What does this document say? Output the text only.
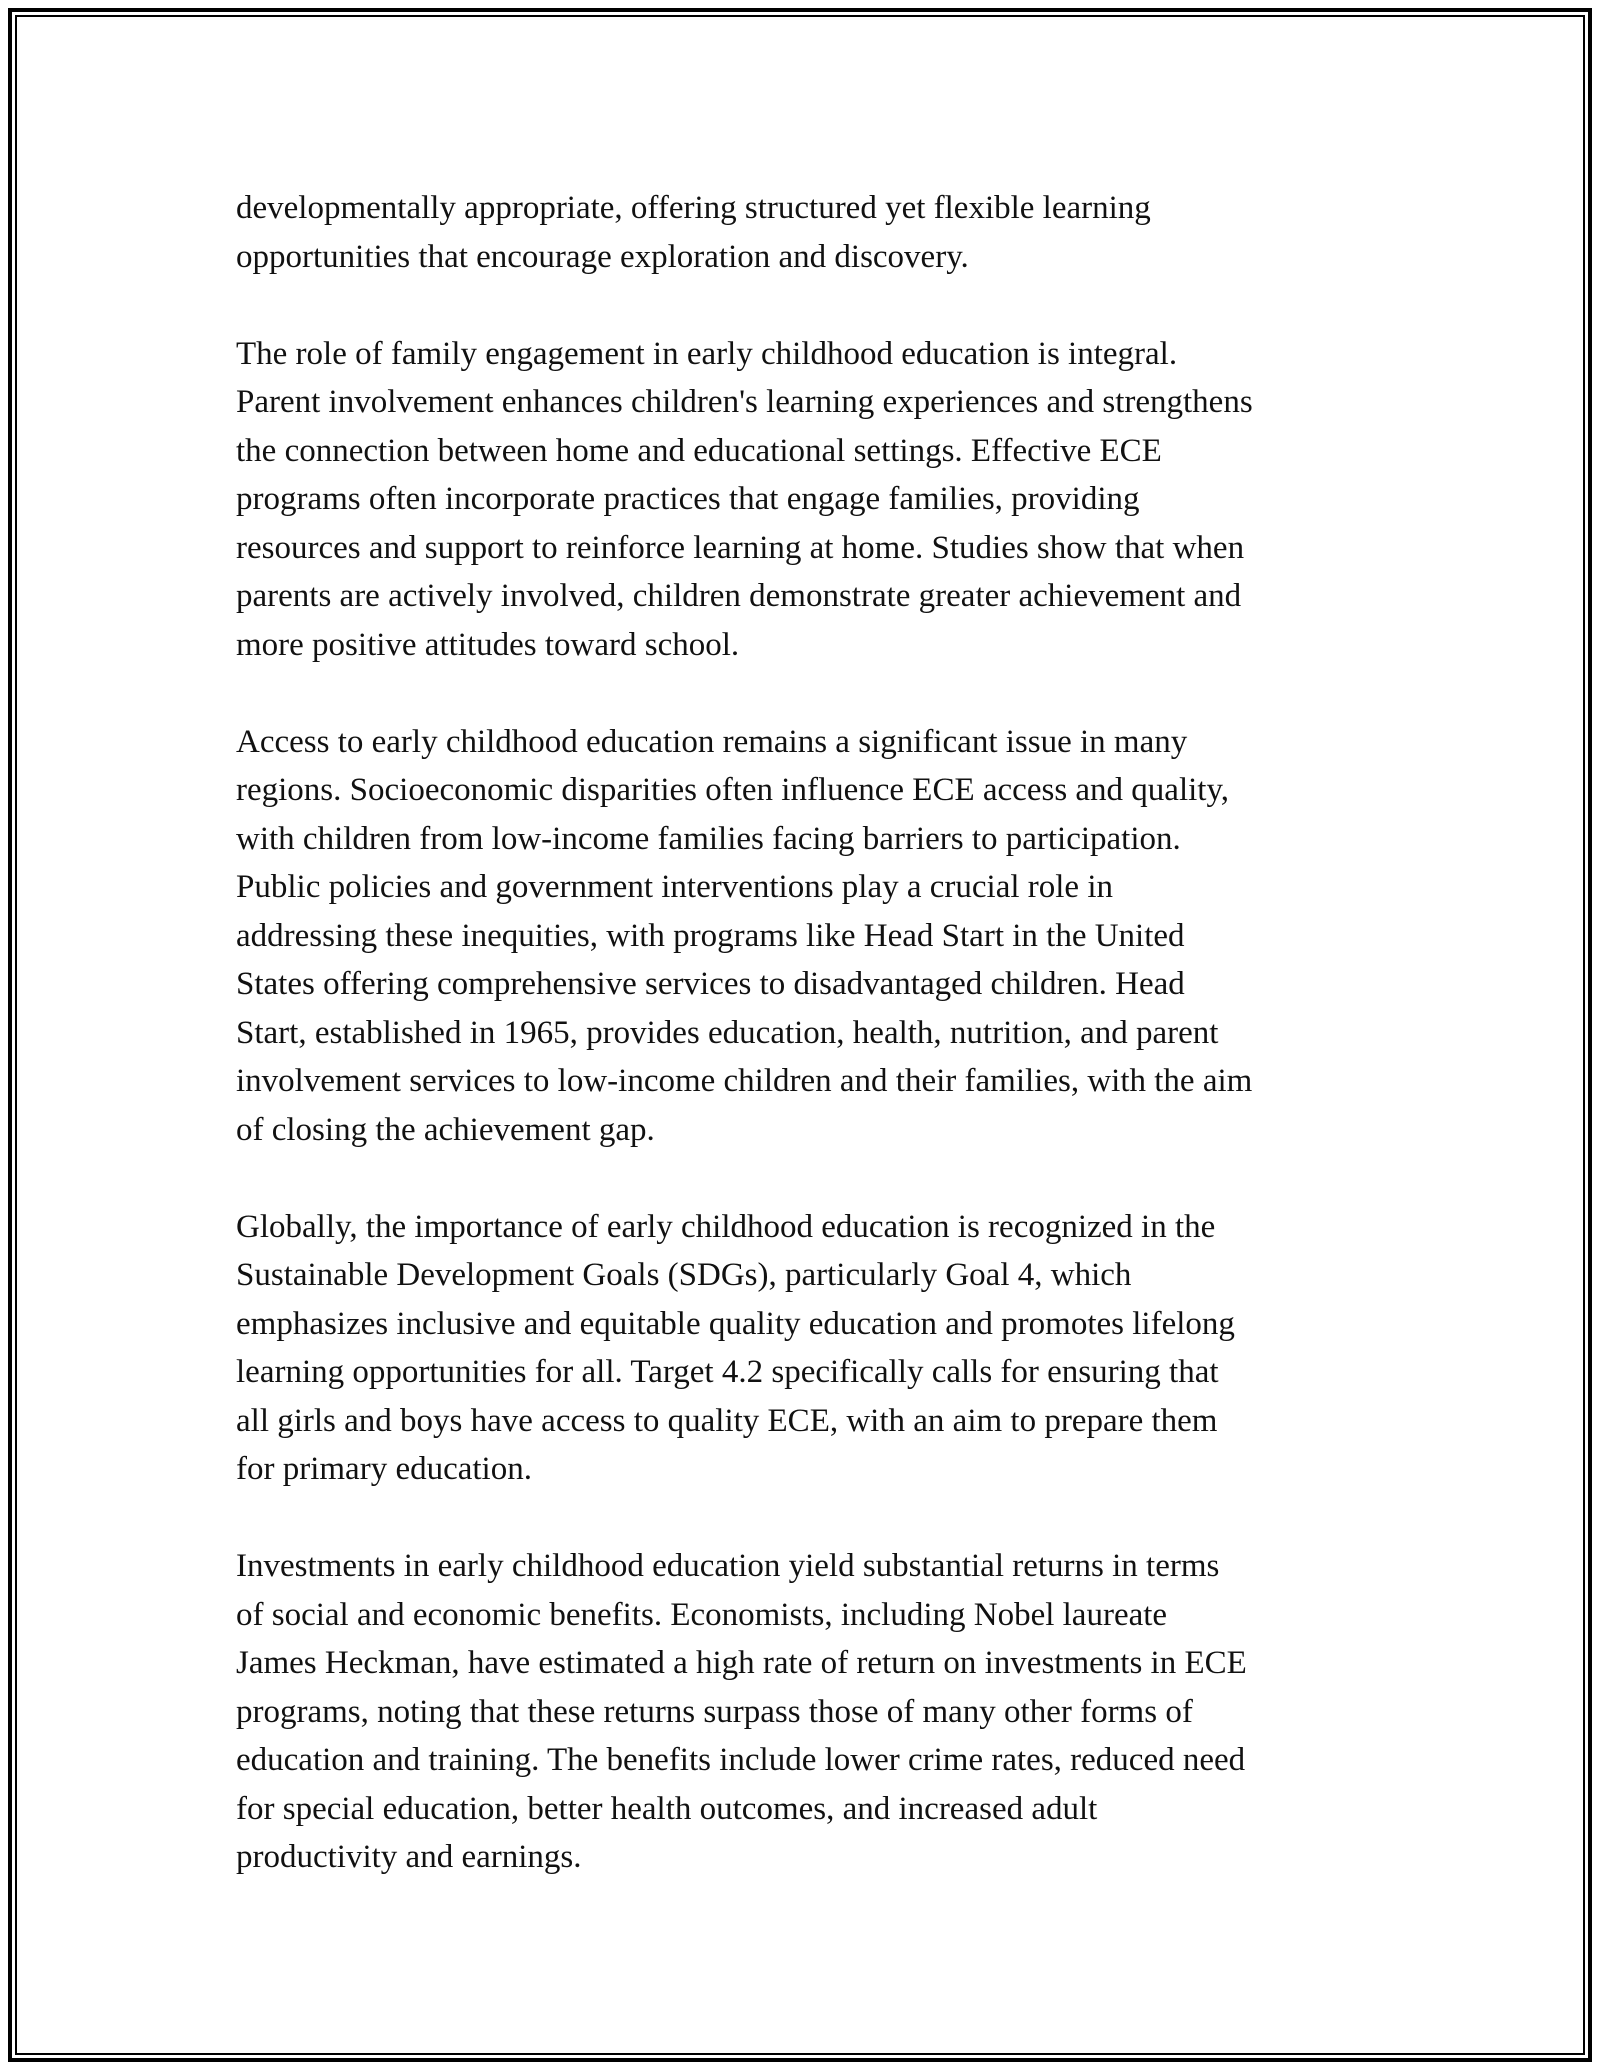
developmentally appropriate, offering structured yet flexible learning
opportunities that encourage exploration and discovery.

The role of family engagement in early childhood education is integral.
Parent involvement enhances children's learning experiences and strengthens
the connection between home and educational settings. Effective ECE
programs often incorporate practices that engage families, providing
resources and support to reinforce learning at home. Studies show that when
parents are actively involved, children demonstrate greater achievement and
more positive attitudes toward school.

Access to early childhood education remains a significant issue in many
regions. Socioeconomic disparities often influence ECE access and quality,
with children from low-income families facing barriers to participation.
Public policies and government interventions play a crucial role in
addressing these inequities, with programs like Head Start in the United
States offering comprehensive services to disadvantaged children. Head
Start, established in 1965, provides education, health, nutrition, and parent
involvement services to low-income children and their families, with the aim
of closing the achievement gap.

Globally, the importance of early childhood education is recognized in the
Sustainable Development Goals (SDGs), particularly Goal 4, which
emphasizes inclusive and equitable quality education and promotes lifelong
learning opportunities for all. Target 4.2 specifically calls for ensuring that
all girls and boys have access to quality ECE, with an aim to prepare them
for primary education.

Investments in early childhood education yield substantial returns in terms
of social and economic benefits. Economists, including Nobel laureate
James Heckman, have estimated a high rate of return on investments in ECE
programs, noting that these returns surpass those of many other forms of
education and training. The benefits include lower crime rates, reduced need
for special education, better health outcomes, and increased adult
productivity and earnings.
